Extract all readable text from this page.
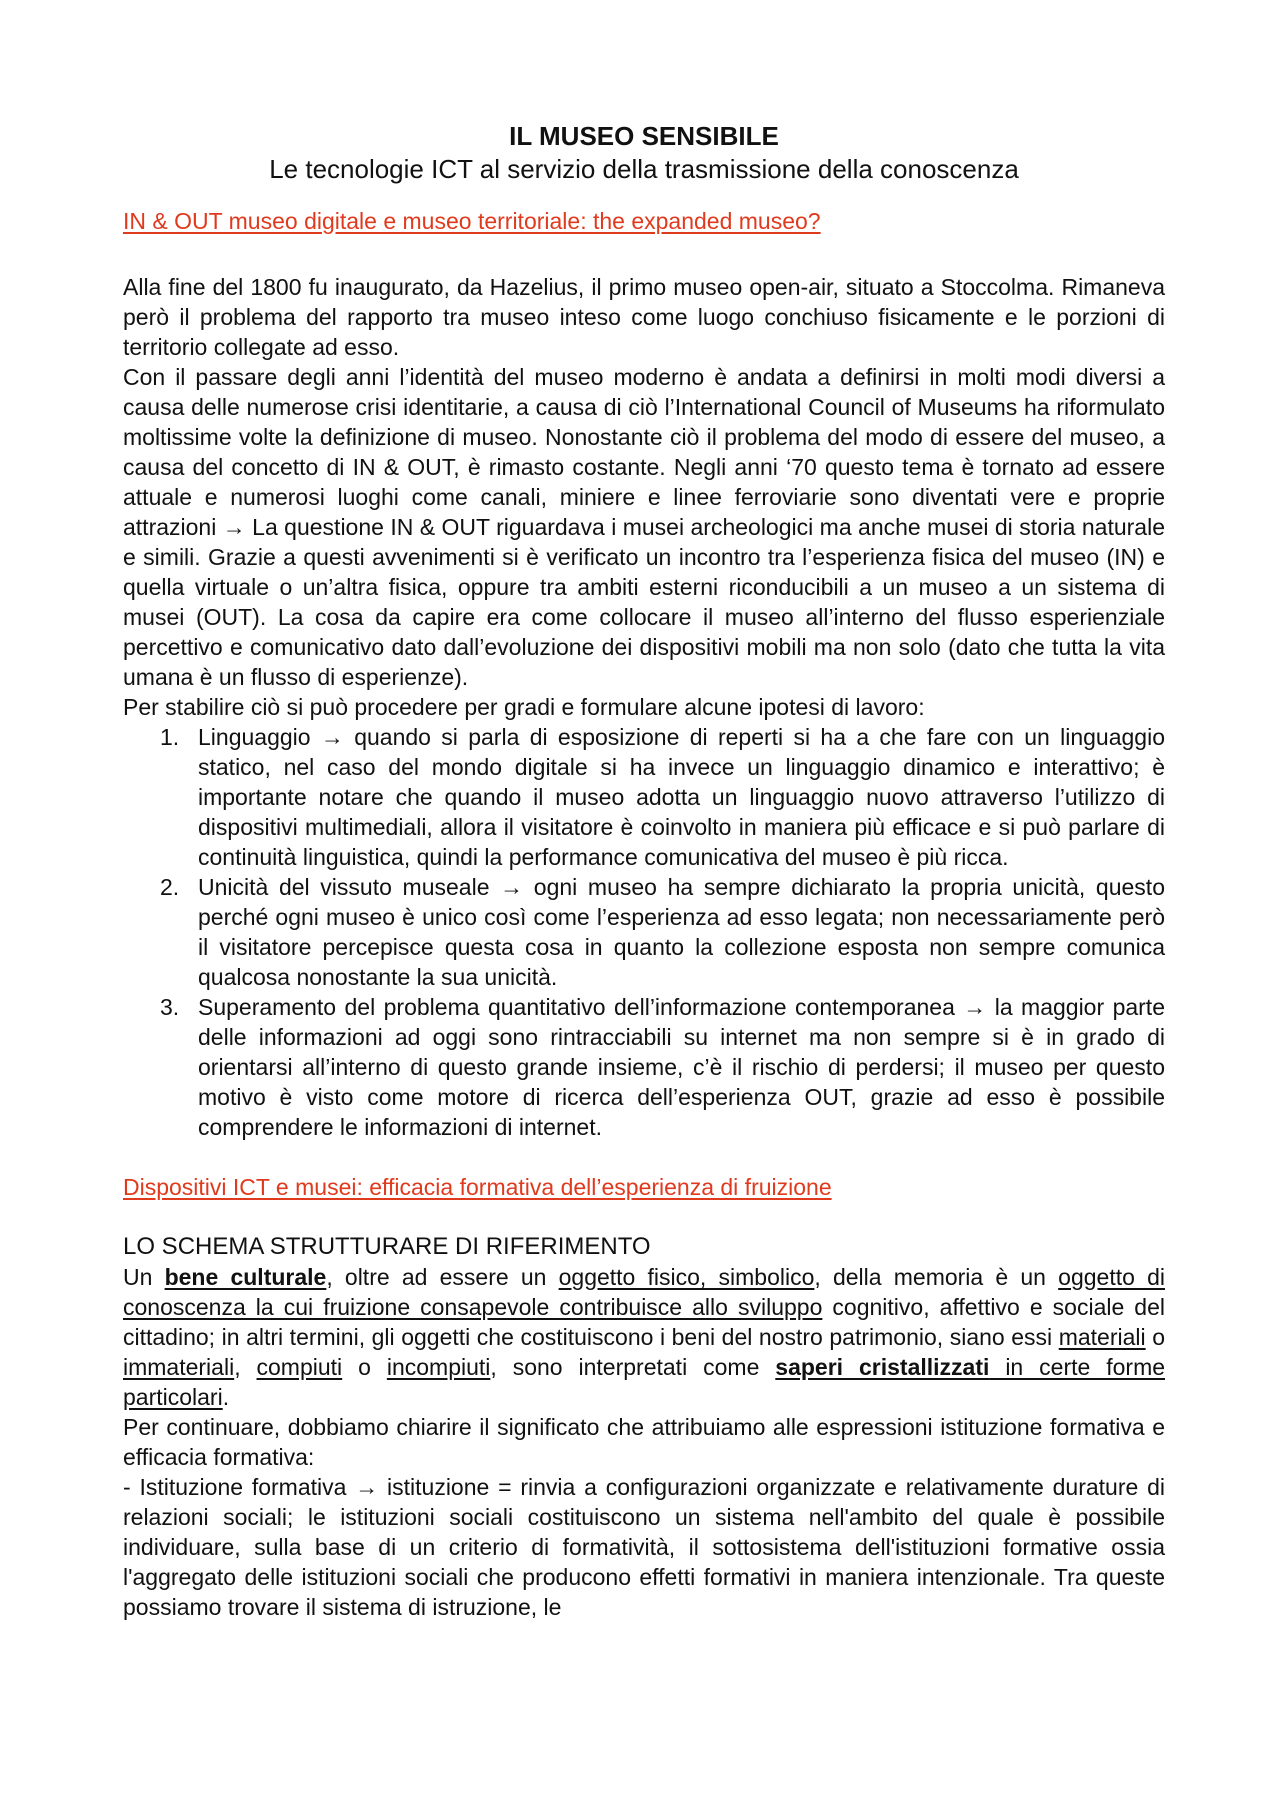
IL MUSEO SENSIBILE

Le tecnologie ICT al servizio della trasmissione della conoscenza

IN & OUT museo digitale e museo territoriale: the expanded museo?

Alla fine del 1800 fu inaugurato, da Hazelius, il primo museo open-air, situato a Stoccolma. Rimaneva però il problema del rapporto tra museo inteso come luogo conchiuso fisicamente e le porzioni di territorio collegate ad esso.

Con il passare degli anni l’identità del museo moderno è andata a definirsi in molti modi diversi a causa delle numerose crisi identitarie, a causa di ciò l’International Council of Museums ha riformulato moltissime volte la definizione di museo. Nonostante ciò il problema del modo di essere del museo, a causa del concetto di IN & OUT, è rimasto costante. Negli anni ‘70 questo tema è tornato ad essere attuale e numerosi luoghi come canali, miniere e linee ferroviarie sono diventati vere e proprie attrazioni → La questione IN & OUT riguardava i musei archeologici ma anche musei di storia naturale e simili. Grazie a questi avvenimenti si è verificato un incontro tra l’esperienza fisica del museo (IN) e quella virtuale o un’altra fisica, oppure tra ambiti esterni riconducibili a un museo a un sistema di musei (OUT). La cosa da capire era come collocare il museo all’interno del flusso esperienziale percettivo e comunicativo dato dall’evoluzione dei dispositivi mobili ma non solo (dato che tutta la vita umana è un flusso di esperienze).

Per stabilire ciò si può procedere per gradi e formulare alcune ipotesi di lavoro:

1. Linguaggio → quando si parla di esposizione di reperti si ha a che fare con un linguaggio statico, nel caso del mondo digitale si ha invece un linguaggio dinamico e interattivo; è importante notare che quando il museo adotta un linguaggio nuovo attraverso l’utilizzo di dispositivi multimediali, allora il visitatore è coinvolto in maniera più efficace e si può parlare di continuità linguistica, quindi la performance comunicativa del museo è più ricca.
2. Unicità del vissuto museale → ogni museo ha sempre dichiarato la propria unicità, questo perché ogni museo è unico così come l’esperienza ad esso legata; non necessariamente però il visitatore percepisce questa cosa in quanto la collezione esposta non sempre comunica qualcosa nonostante la sua unicità.
3. Superamento del problema quantitativo dell’informazione contemporanea → la maggior parte delle informazioni ad oggi sono rintracciabili su internet ma non sempre si è in grado di orientarsi all’interno di questo grande insieme, c’è il rischio di perdersi; il museo per questo motivo è visto come motore di ricerca dell’esperienza OUT, grazie ad esso è possibile comprendere le informazioni di internet.

Dispositivi ICT e musei: efficacia formativa dell’esperienza di fruizione

LO SCHEMA STRUTTURARE DI RIFERIMENTO

Un bene culturale, oltre ad essere un oggetto fisico, simbolico, della memoria è un oggetto di conoscenza la cui fruizione consapevole contribuisce allo sviluppo cognitivo, affettivo e sociale del cittadino; in altri termini, gli oggetti che costituiscono i beni del nostro patrimonio, siano essi materiali o immateriali, compiuti o incompiuti, sono interpretati come saperi cristallizzati in certe forme particolari.

Per continuare, dobbiamo chiarire il significato che attribuiamo alle espressioni istituzione formativa e efficacia formativa:

- Istituzione formativa → istituzione = rinvia a configurazioni organizzate e relativamente durature di relazioni sociali; le istituzioni sociali costituiscono un sistema nell'ambito del quale è possibile individuare, sulla base di un criterio di formatività, il sottosistema dell'istituzioni formative ossia l'aggregato delle istituzioni sociali che producono effetti formativi in maniera intenzionale. Tra queste possiamo trovare il sistema di istruzione, le
